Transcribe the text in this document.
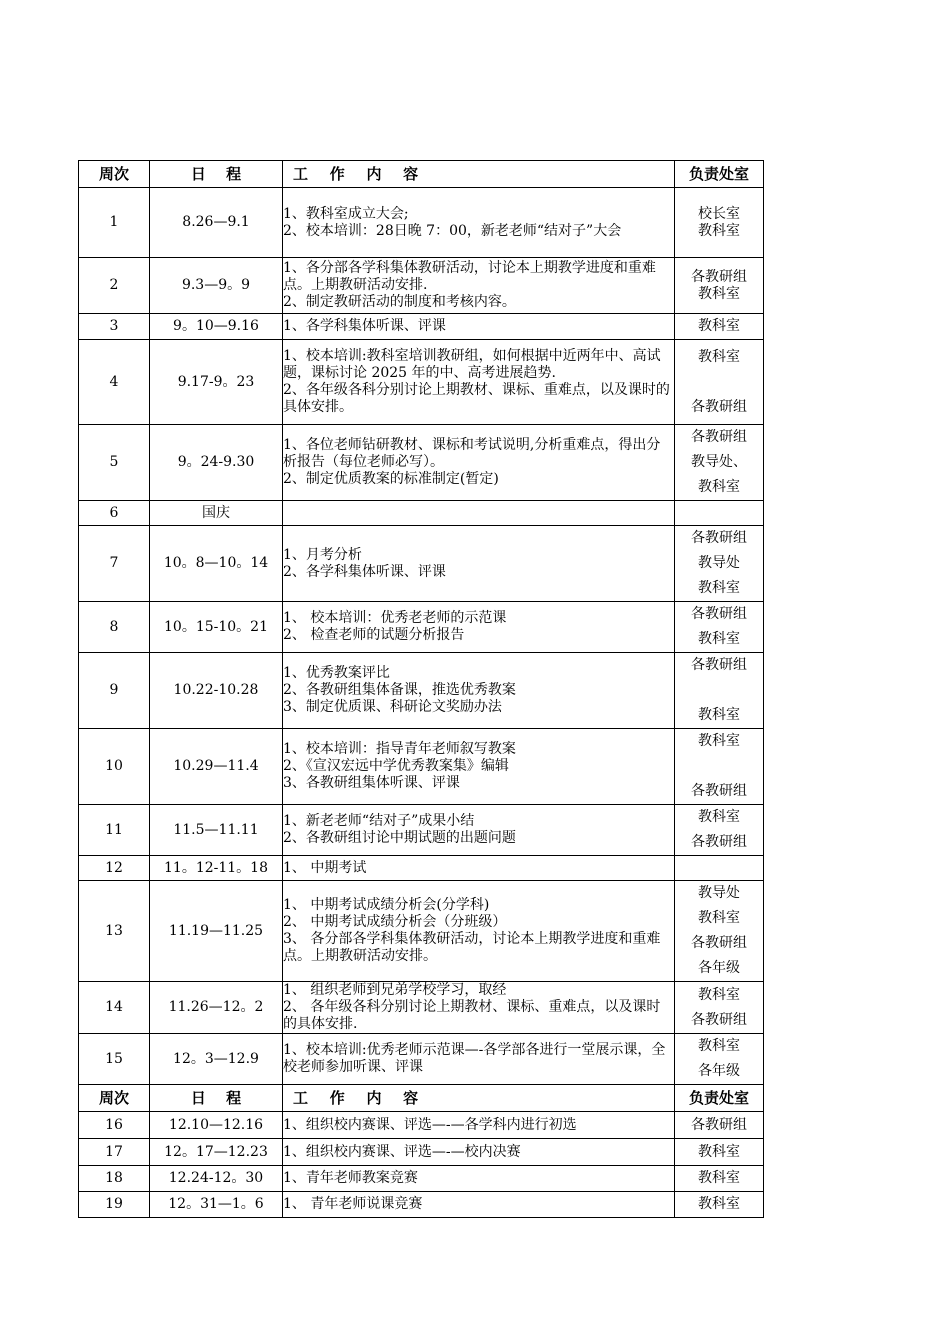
周次	日　 程	工 作 内 容	负责处室
1	8.26—9.1	1、教科室成立大会;
2、校本培训：28日晚 7：00，新老老师“结对子”大会	校长室
教科室

2	9.3—9。9	1、各分部各学科集体教研活动，讨论本上期教学进度和重难点。上期教研活动安排.
2、制定教研活动的制度和考核内容。	各教研组
教科室

3	9。10—9.16	1、各学科集体听课、评课	教科室

4	9.17-9。23	1、校本培训:教科室培训教研组，如何根据中近两年中、高试题，课标讨论 2025 年的中、高考进展趋势.
2、各年级各科分别讨论上期教材、课标、重难点，以及课时的具体安排。	教科室

各教研组

5	9。24-9.30	1、各位老师钻研教材、课标和考试说明,分析重难点，得出分析报告（每位老师必写）。
2、制定优质教案的标准制定(暂定)	各教研组
教导处、
教科室

6	国庆		
7	10。8—10。14	1、月考分析
2、各学科集体听课、评课	各教研组
教导处
教科室

8	10。15-10。21	1、 校本培训：优秀老老师的示范课
2、 检查老师的试题分析报告	各教研组
教科室

9	10.22-10.28	1、优秀教案评比
2、各教研组集体备课，推选优秀教案
3、制定优质课、科研论文奖励办法	各教研组

教科室

10	10.29—11.4	1、校本培训：指导青年老师叙写教案
2、《宣汉宏远中学优秀教案集》编辑
3、各教研组集体听课、评课	教科室

各教研组

11	11.5—11.11	1、新老老师“结对子”成果小结
2、各教研组讨论中期试题的出题问题	教科室
各教研组

12	11。12-11。18	1、 中期考试	

13	11.19—11.25	1、 中期考试成绩分析会(分学科)
2、 中期考试成绩分析会（分班级）
3、 各分部各学科集体教研活动，讨论本上期教学进度和重难点。上期教研活动安排。	教导处
教科室
各教研组
各年级

14	11.26—12。2	1、 组织老师到兄弟学校学习，取经
2、 各年级各科分别讨论上期教材、课标、重难点，以及课时的具体安排.	教科室
各教研组

15	12。3—12.9	1、校本培训:优秀老师示范课—-各学部各进行一堂展示课，全校老师参加听课、评课	教科室
各年级

周次	日　 程	工 作 内 容	负责处室
16	12.10—12.16	1、组织校内赛课、评选—-—各学科内进行初选	各教研组

17	12。17—12.23	1、组织校内赛课、评选—-—校内决赛	教科室

18	12.24-12。30	1、青年老师教案竞赛	教科室

19	12。31—1。6	1、 青年老师说课竞赛	教科室
